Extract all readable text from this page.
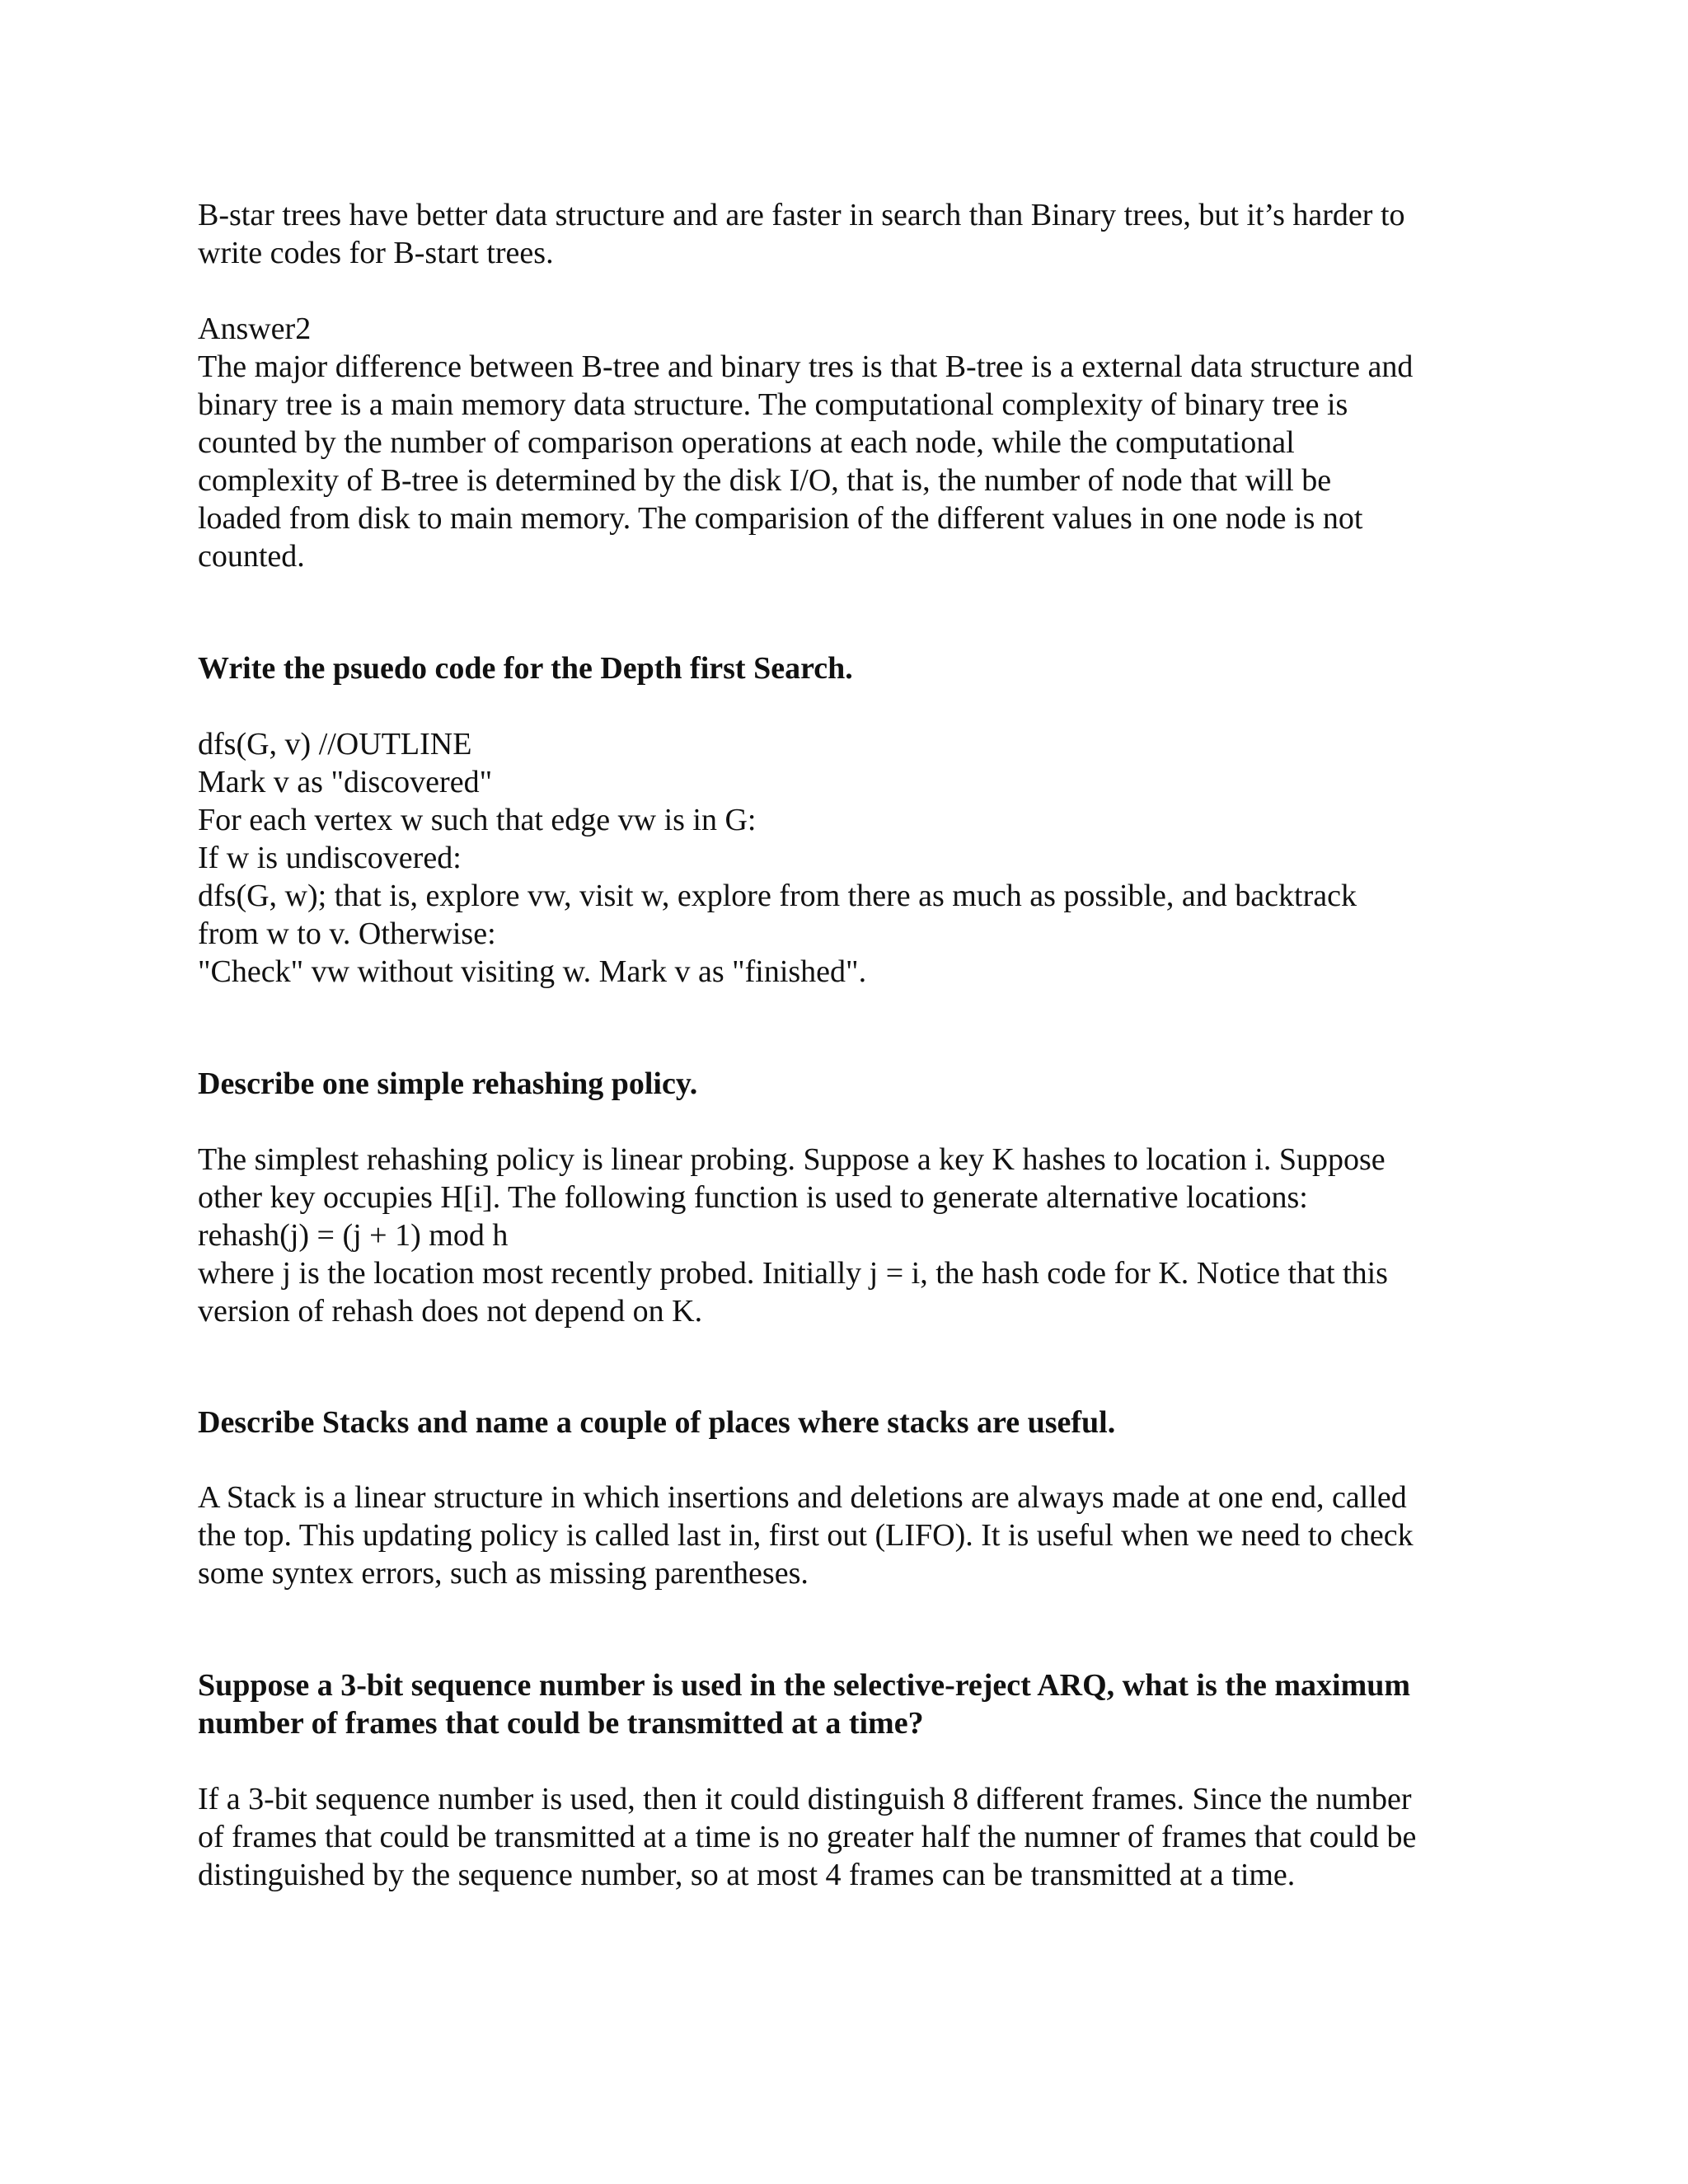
B-star trees have better data structure and are faster in search than Binary trees, but it’s harder to
write codes for B-start trees.
Answer2
The major difference between B-tree and binary tres is that B-tree is a external data structure and
binary tree is a main memory data structure. The computational complexity of binary tree is
counted by the number of comparison operations at each node, while the computational
complexity of B-tree is determined by the disk I/O, that is, the number of node that will be
loaded from disk to main memory. The comparision of the different values in one node is not
counted.
Write the psuedo code for the Depth first Search.
dfs(G, v) //OUTLINE
Mark v as "discovered"
For each vertex w such that edge vw is in G:
If w is undiscovered:
dfs(G, w); that is, explore vw, visit w, explore from there as much as possible, and backtrack
from w to v. Otherwise:
"Check" vw without visiting w. Mark v as "finished".
Describe one simple rehashing policy.
The simplest rehashing policy is linear probing. Suppose a key K hashes to location i. Suppose
other key occupies H[i]. The following function is used to generate alternative locations:
rehash(j) = (j + 1) mod h
where j is the location most recently probed. Initially j = i, the hash code for K. Notice that this
version of rehash does not depend on K.
Describe Stacks and name a couple of places where stacks are useful.
A Stack is a linear structure in which insertions and deletions are always made at one end, called
the top. This updating policy is called last in, first out (LIFO). It is useful when we need to check
some syntex errors, such as missing parentheses.
Suppose a 3-bit sequence number is used in the selective-reject ARQ, what is the maximum
number of frames that could be transmitted at a time?
If a 3-bit sequence number is used, then it could distinguish 8 different frames. Since the number
of frames that could be transmitted at a time is no greater half the numner of frames that could be
distinguished by the sequence number, so at most 4 frames can be transmitted at a time.
